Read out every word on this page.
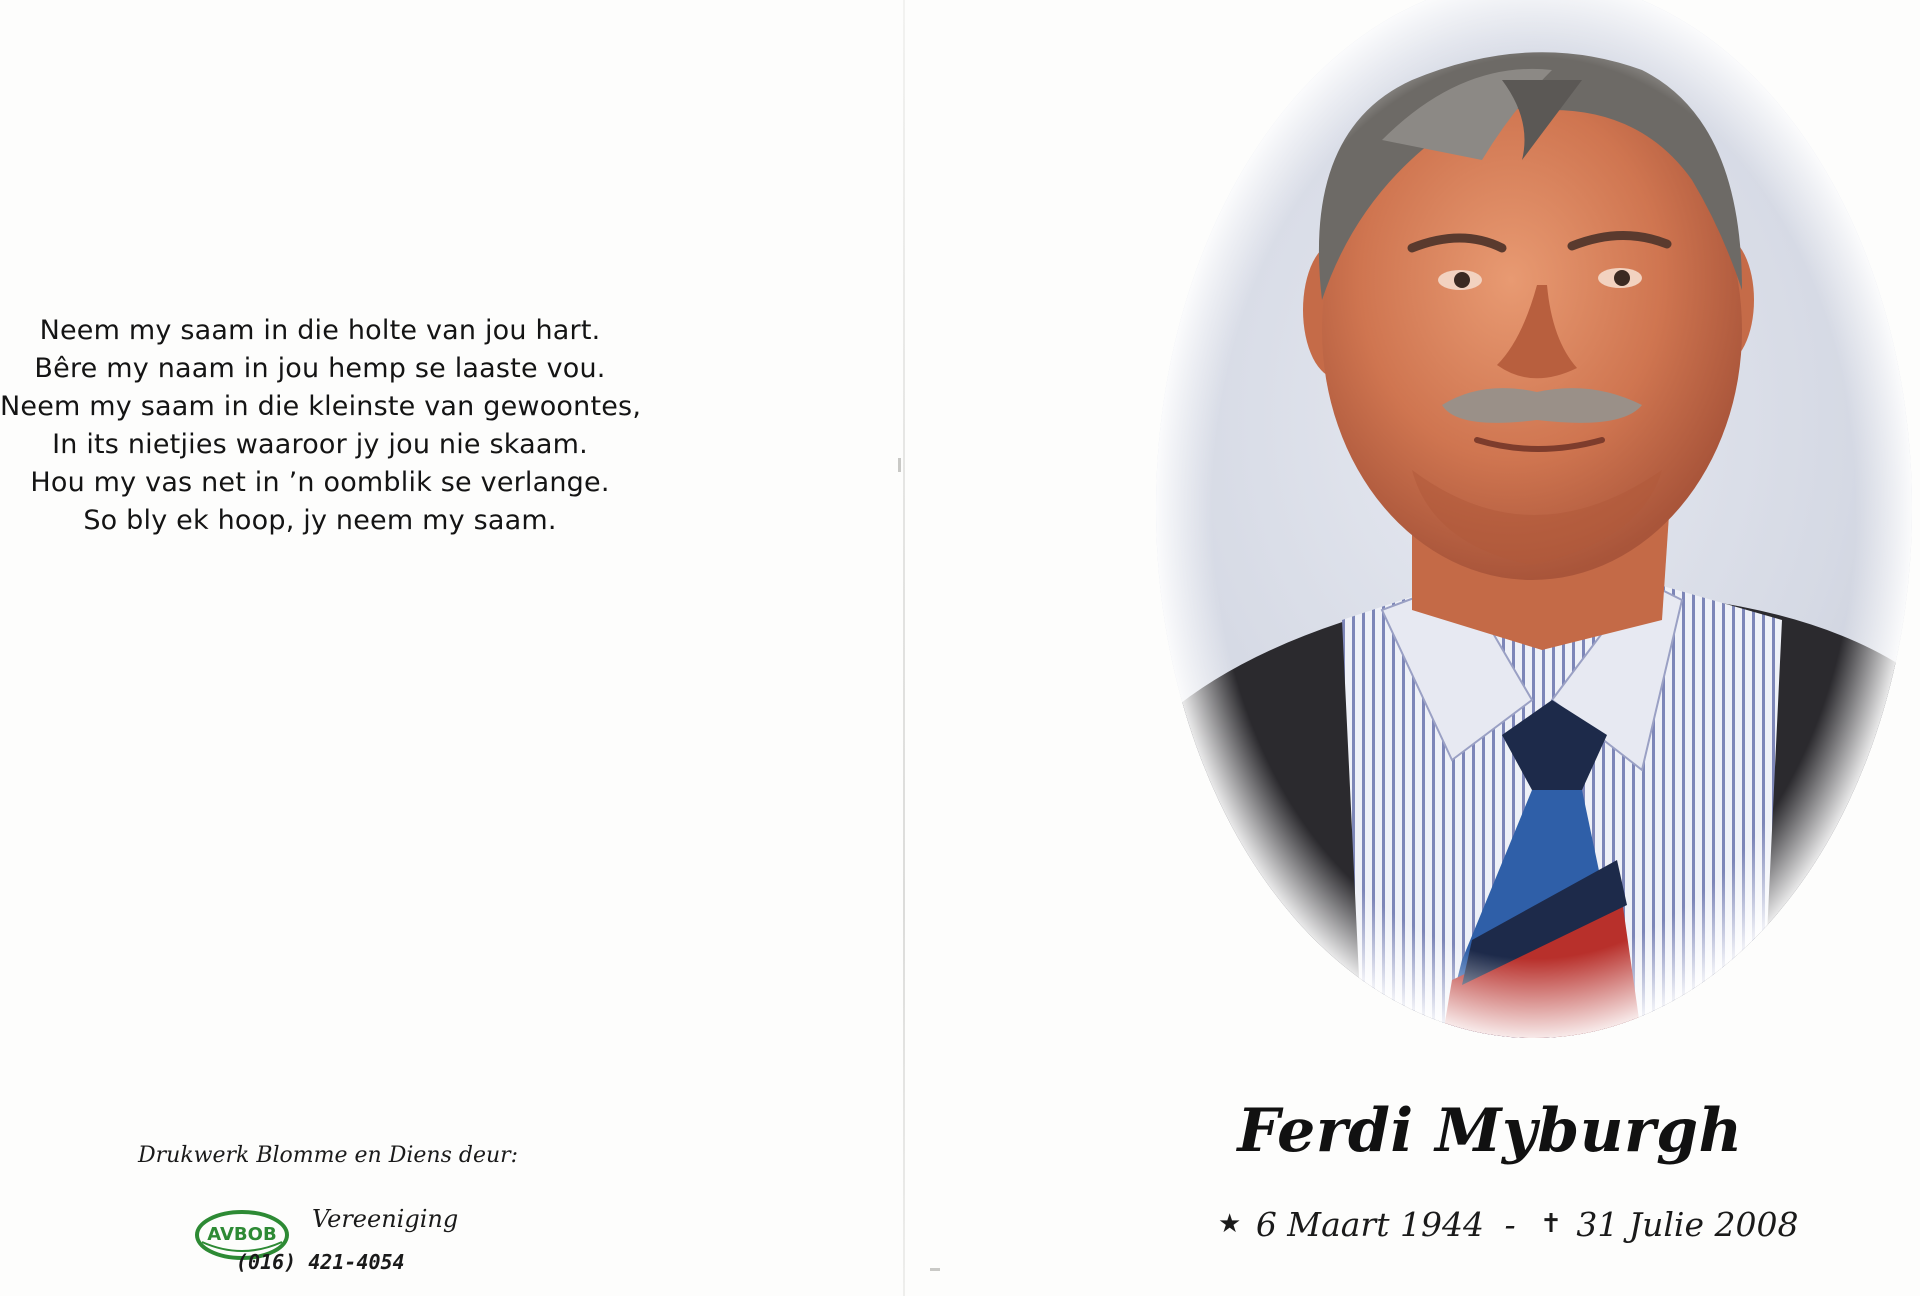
Neem my saam in die holte van jou hart.
Bêre my naam in jou hemp se laaste vou.
Neem my saam in die kleinste van gewoontes,
In its nietjies waaroor jy jou nie skaam.
Hou my vas net in ’n oomblik se verlange.
So bly ek hoop, jy neem my saam.
Drukwerk Blomme en Diens deur:
AVBOB
Vereeniging
(016) 421-4054
Ferdi Myburgh
★ 6 Maart 1944 - ✝ 31 Julie 2008
